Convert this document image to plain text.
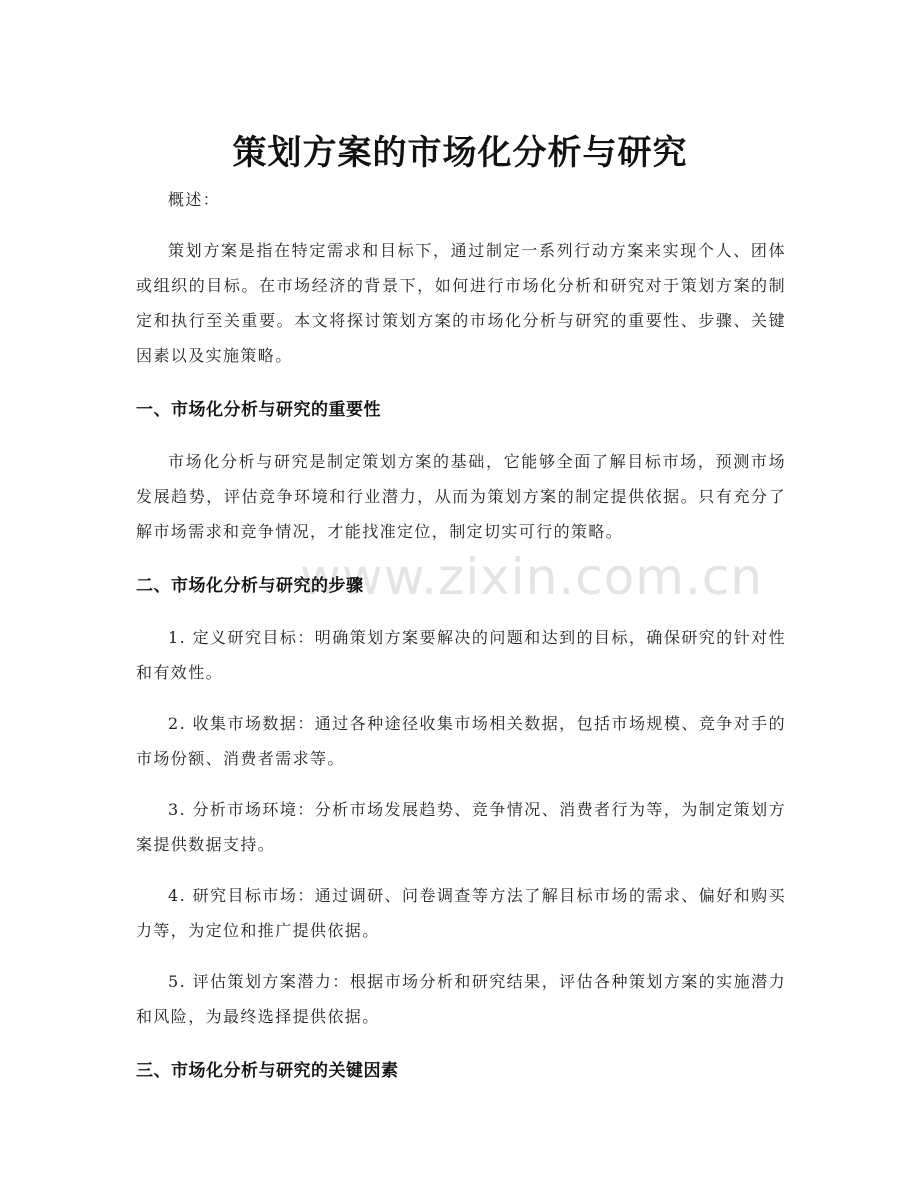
www.zixin.com.cn
策划方案的市场化分析与研究

概述：

策划方案是指在特定需求和目标下，通过制定一系列行动方案来实现个人、团体或组织的目标。在市场经济的背景下，如何进行市场化分析和研究对于策划方案的制定和执行至关重要。本文将探讨策划方案的市场化分析与研究的重要性、步骤、关键因素以及实施策略。

一、市场化分析与研究的重要性

市场化分析与研究是制定策划方案的基础，它能够全面了解目标市场，预测市场发展趋势，评估竞争环境和行业潜力，从而为策划方案的制定提供依据。只有充分了解市场需求和竞争情况，才能找准定位，制定切实可行的策略。

二、市场化分析与研究的步骤

1. 定义研究目标：明确策划方案要解决的问题和达到的目标，确保研究的针对性和有效性。

2. 收集市场数据：通过各种途径收集市场相关数据，包括市场规模、竞争对手的市场份额、消费者需求等。

3. 分析市场环境：分析市场发展趋势、竞争情况、消费者行为等，为制定策划方案提供数据支持。

4. 研究目标市场：通过调研、问卷调查等方法了解目标市场的需求、偏好和购买力等，为定位和推广提供依据。

5. 评估策划方案潜力：根据市场分析和研究结果，评估各种策划方案的实施潜力和风险，为最终选择提供依据。

三、市场化分析与研究的关键因素
